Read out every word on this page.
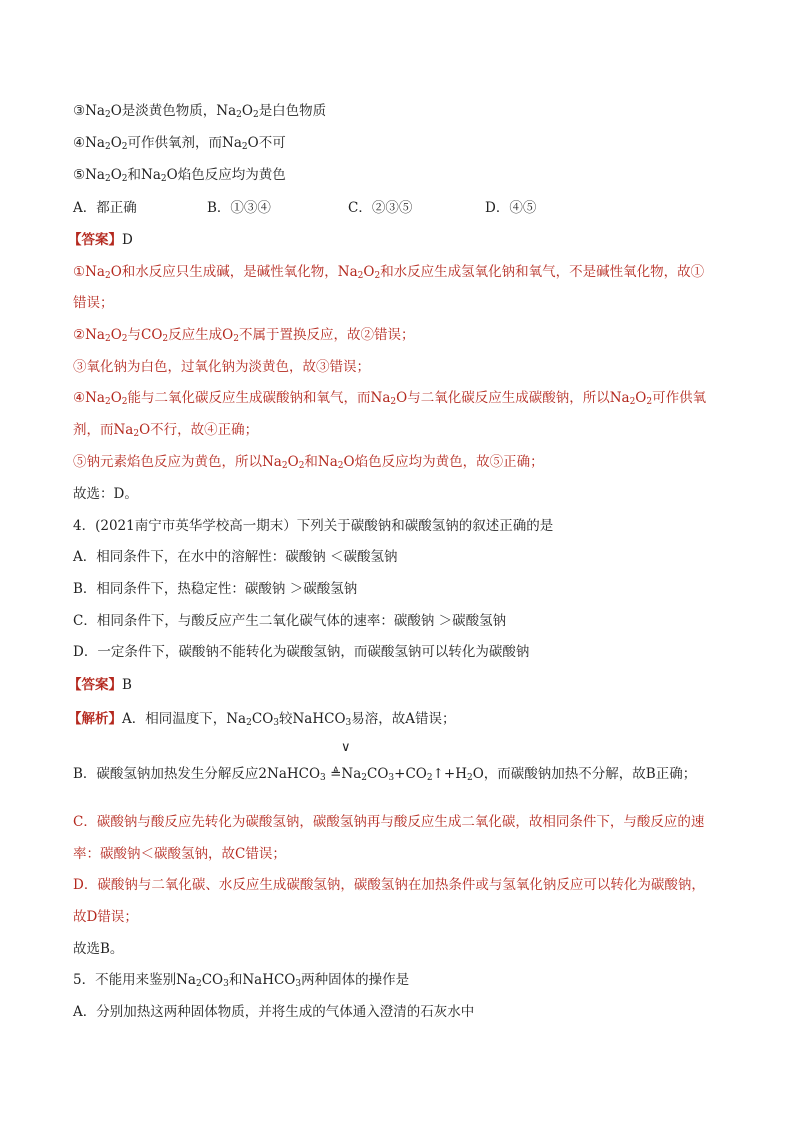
$③Na_2O$是淡黄色物质，$Na_2O_2$是白色物质
$④Na_2O_2$可作供氧剂，而$Na_2O$不可
$⑤Na_2O_2$和$Na_2O$焰色反应均为黄色
A．都正确	B．①③④	C．②③⑤	D．④⑤
【答案】D
$①Na_2O$和水反应只生成碱，是碱性氧化物，$Na_2O_2$和水反应生成氢氧化钠和氧气，不是碱性氧化物，故①
错误；
$②Na_2O_2$与$CO_2$反应生成$O_2$不属于置换反应，故②错误；
③氧化钠为白色，过氧化钠为淡黄色，故③错误；
$④Na_2O_2$能与二氧化碳反应生成碳酸钠和氧气，而$Na_2O$与二氧化碳反应生成碳酸钠，所以$Na_2O_2$可作供氧
剂，而$Na_2O$不行，故④正确；
⑤钠元素焰色反应为黄色，所以$Na_2O_2$和$Na_2O$焰色反应均为黄色，故⑤正确；
故选：D。
4．(2021南宁市英华学校高一期末）下列关于碳酸钠和碳酸氢钠的叙述正确的是
A．相同条件下，在水中的溶解性：碳酸钠 ＜碳酸氢钠
B．相同条件下，热稳定性：碳酸钠 ＞碳酸氢钠
C．相同条件下，与酸反应产生二氧化碳气体的速率：碳酸钠 ＞碳酸氢钠
D．一定条件下，碳酸钠不能转化为碳酸氢钠，而碳酸氢钠可以转化为碳酸钠
【答案】B
【解析】A．相同温度下，$Na_2CO_3$较NaHCO$_3$易溶，故A错误；
∨
B．碳酸氢钠加热发生分解反应2NaHCO$_3$ $≜Na_2CO_3+CO_2↑+H_2O$，而碳酸钠加热不分解，故B正确；
C．碳酸钠与酸反应先转化为碳酸氢钠，碳酸氢钠再与酸反应生成二氧化碳，故相同条件下，与酸反应的速
率：碳酸钠＜碳酸氢钠，故C错误；
D．碳酸钠与二氧化碳、水反应生成碳酸氢钠，碳酸氢钠在加热条件或与氢氧化钠反应可以转化为碳酸钠，
故D错误；
故选B。
5．不能用来鉴别$Na_2CO_3$和NaHCO$_3$两种固体的操作是
A．分别加热这两种固体物质，并将生成的气体通入澄清的石灰水中
